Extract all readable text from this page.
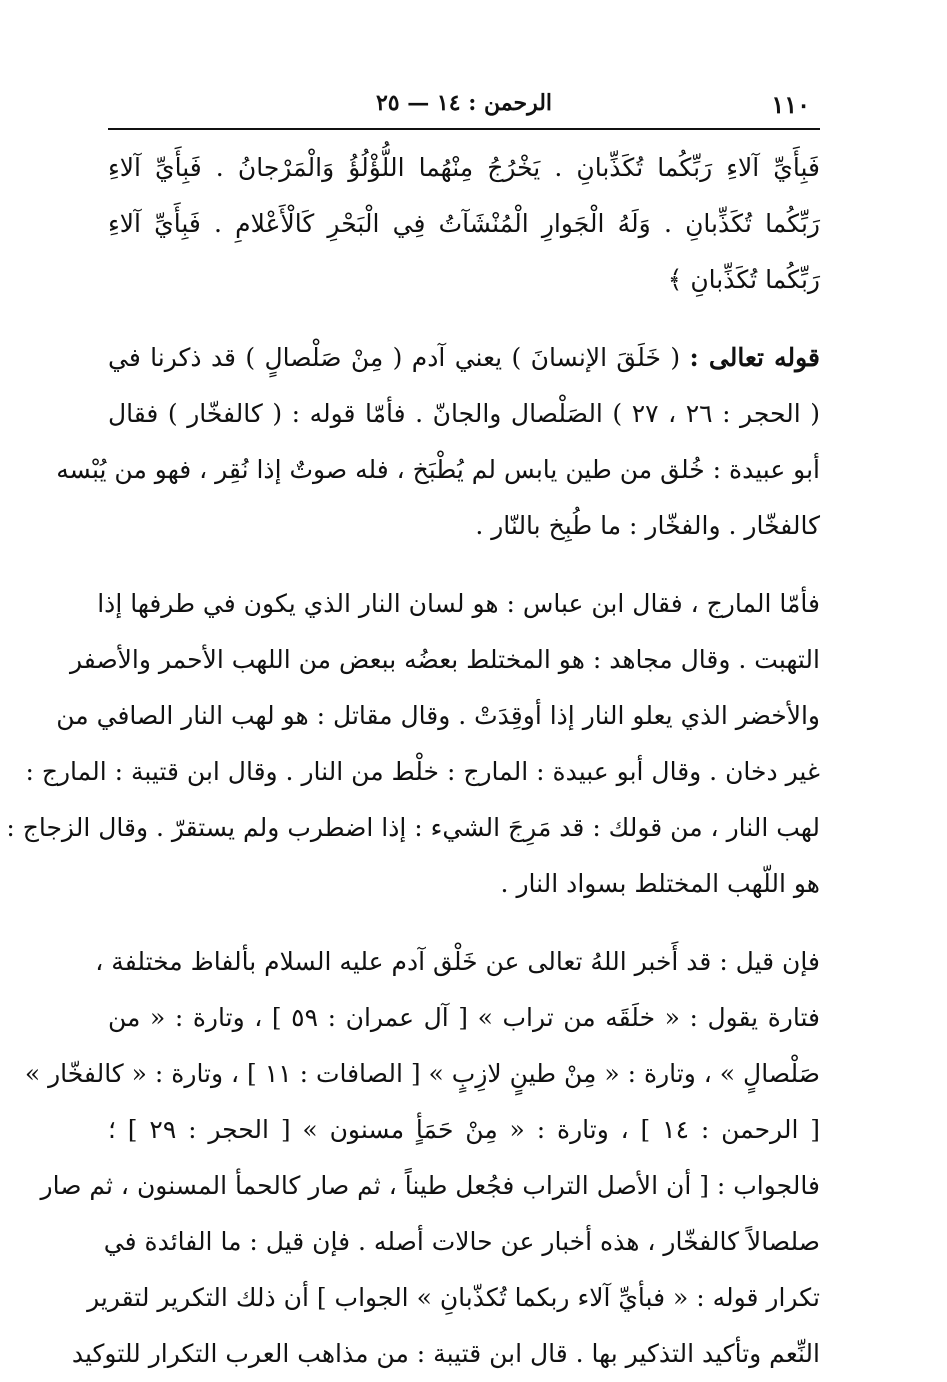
١١٠
الرحمن : ١٤ — ٢٥
فَبِأَيِّ آلاءِ رَبِّكُما تُكَذِّبانِ . يَخْرُجُ مِنْهُما اللُّؤْلُؤُ وَالْمَرْجانُ . فَبِأَيِّ آلاءِ
رَبِّكُما تُكَذِّبانِ . وَلَهُ الْجَوارِ الْمُنْشَآتُ فِي الْبَحْرِ كَالْأَعْلامِ . فَبِأَيِّ آلاءِ
رَبِّكُما تُكَذِّبانِ ﴾
قوله تعالى : ( خَلَقَ الإنسانَ ) يعني آدم ( مِنْ صَلْصالٍ ) قد ذكرنا في
( الحجر : ٢٦ ، ٢٧ ) الصَلْصال والجانّ . فأمّا قوله : ( كالفخّار ) فقال
أبو عبيدة : خُلق من طين يابس لم يُطْبَخ ، فله صوتٌ إذا نُقِر ، فهو من يُبْسه
كالفخّار . والفخّار : ما طُبِخ بالنّار .
فأمّا المارج ، فقال ابن عباس : هو لسان النار الذي يكون في طرفها إذا
التهبت . وقال مجاهد : هو المختلط بعضُه ببعض من اللهب الأحمر والأصفر
والأخضر الذي يعلو النار إذا أوقِدَتْ . وقال مقاتل : هو لهب النار الصافي من
غير دخان . وقال أبو عبيدة : المارج : خلْط من النار . وقال ابن قتيبة : المارج :
لهب النار ، من قولك : قد مَرِجَ الشيء : إذا اضطرب ولم يستقرّ . وقال الزجاج :
هو اللّهب المختلط بسواد النار .
فإن قيل : قد أَخبر اللهُ تعالى عن خَلْق آدم عليه السلام بألفاظ مختلفة ،
فتارة يقول : « خلَقَه من تراب » [ آل عمران : ٥٩ ] ، وتارة : « من
صَلْصالٍ » ، وتارة : « مِنْ طينٍ لازِبٍ » [ الصافات : ١١ ] ، وتارة : « كالفخّار »
[ الرحمن : ١٤ ] ، وتارة : « مِنْ حَمَأٍ مسنون » [ الحجر : ٢٩ ] ؛
فالجواب : [ أن الأصل التراب فجُعل طيناً ، ثم صار كالحمأ المسنون ، ثم صار
صلصالاً كالفخّار ، هذه أخبار عن حالات أصله . فإن قيل : ما الفائدة في
تكرار قوله : « فبأيِّ آلاء ربكما تُكذّبانِ » الجواب ] أن ذلك التكرير لتقرير
النِّعم وتأكيد التذكير بها . قال ابن قتيبة : من مذاهب العرب التكرار للتوكيد
